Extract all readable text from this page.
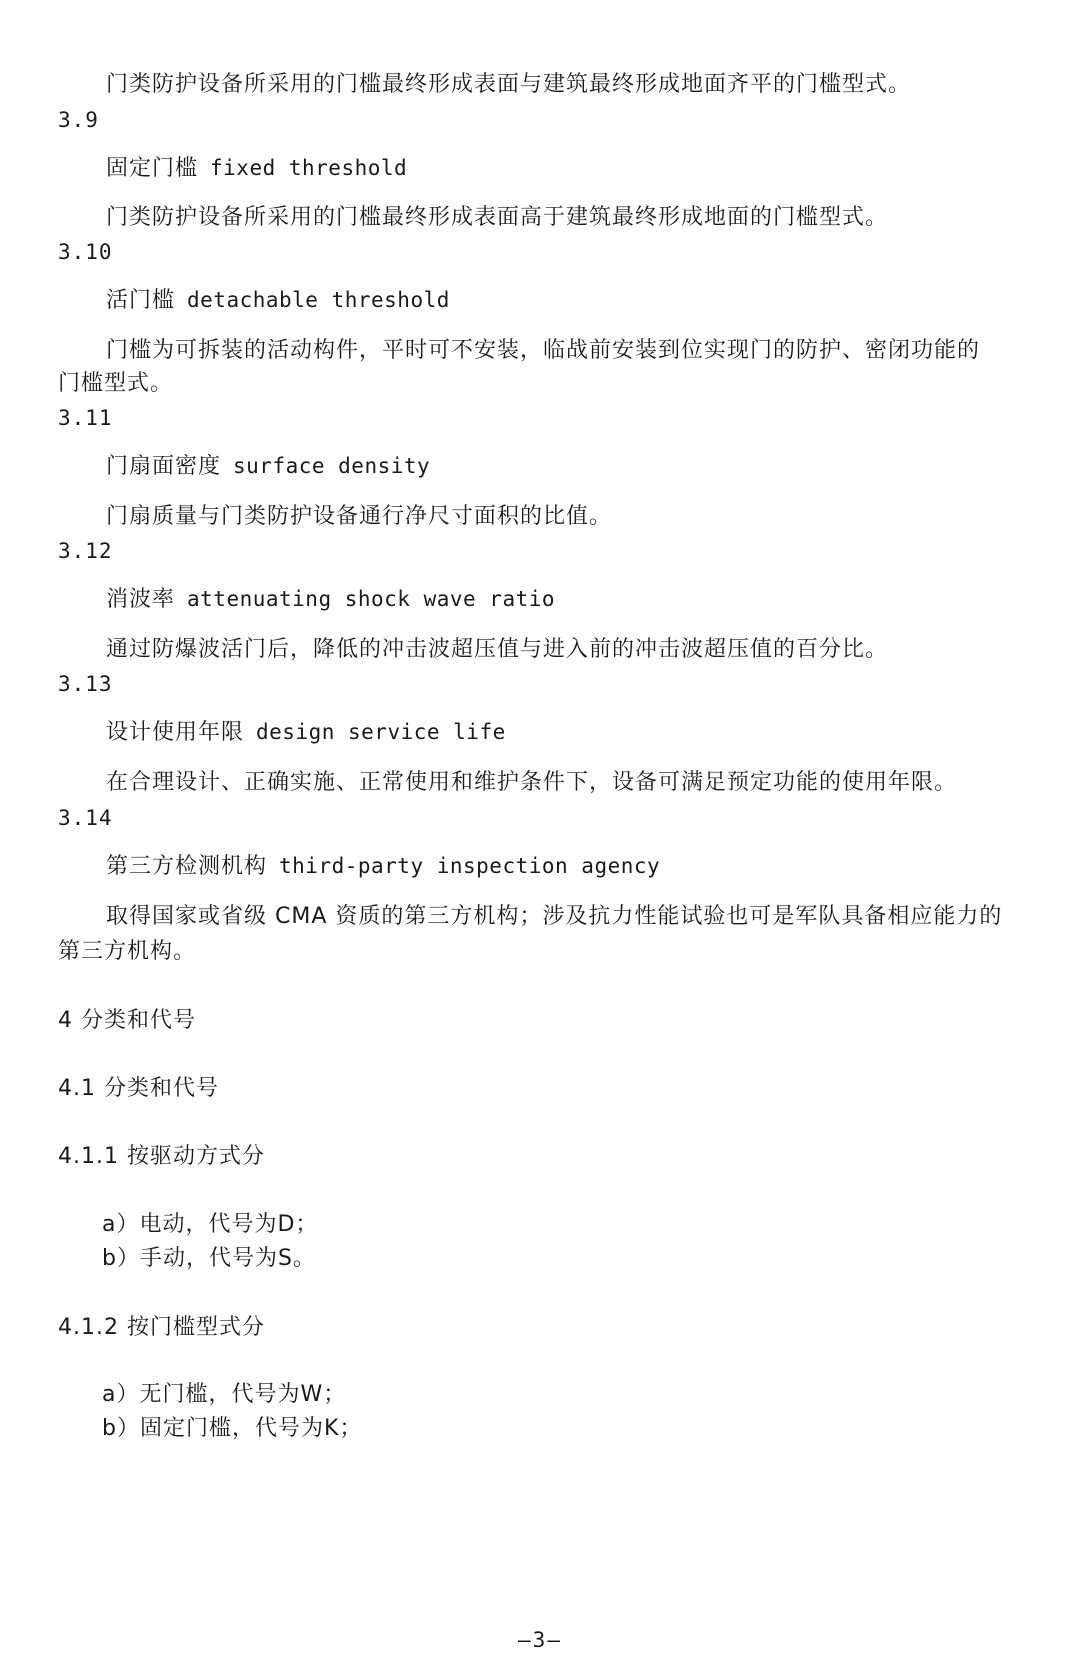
门类防护设备所采用的门槛最终形成表面与建筑最终形成地面齐平的门槛型式。
3.9
固定门槛 fixed threshold
门类防护设备所采用的门槛最终形成表面高于建筑最终形成地面的门槛型式。
3.10
活门槛 detachable threshold
门槛为可拆装的活动构件，平时可不安装，临战前安装到位实现门的防护、密闭功能的
门槛型式。
3.11
门扇面密度 surface density
门扇质量与门类防护设备通行净尺寸面积的比值。
3.12
消波率 attenuating shock wave ratio
通过防爆波活门后，降低的冲击波超压值与进入前的冲击波超压值的百分比。
3.13
设计使用年限 design service life
在合理设计、正确实施、正常使用和维护条件下，设备可满足预定功能的使用年限。
3.14
第三方检测机构 third-party inspection agency
取得国家或省级 CMA 资质的第三方机构；涉及抗力性能试验也可是军队具备相应能力的
第三方机构。
4 分类和代号
4.1 分类和代号
4.1.1 按驱动方式分
a）电动，代号为D；
b）手动，代号为S。
4.1.2 按门槛型式分
a）无门槛，代号为W；
b）固定门槛，代号为K；
—3—
